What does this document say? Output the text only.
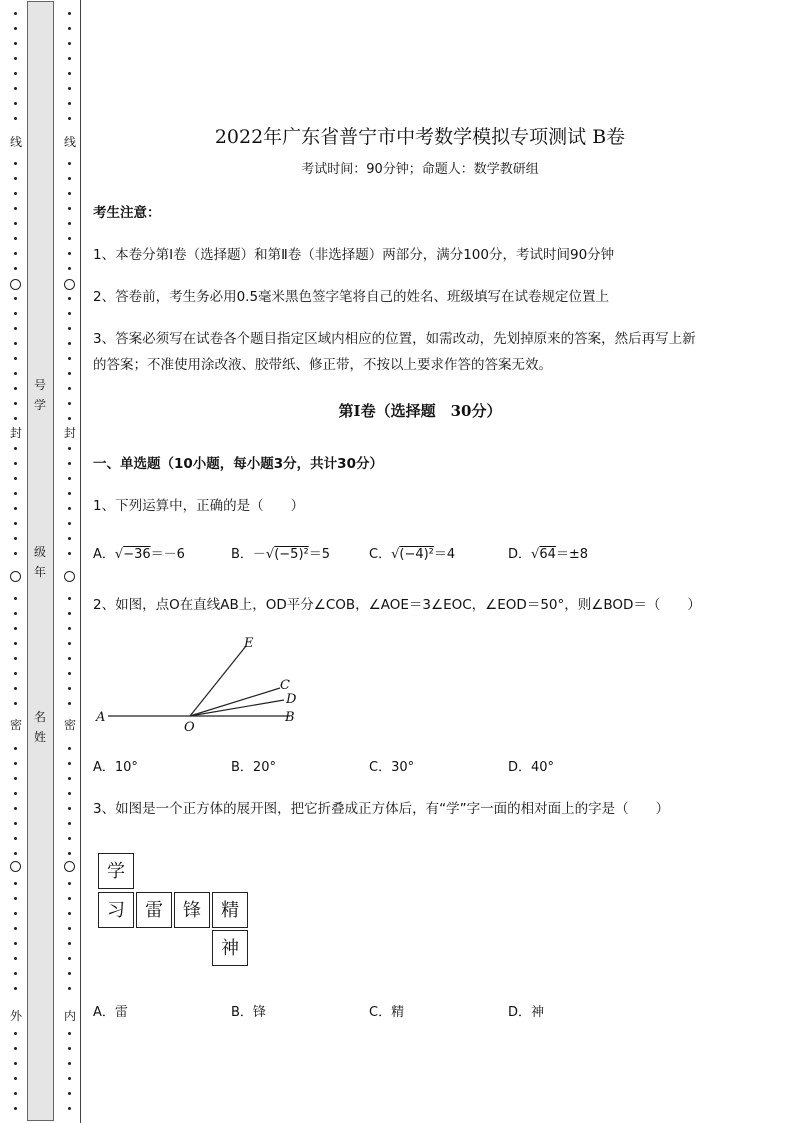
线
封
密
外
线
封
密
内
号
学
级
年
名
姓
2022年广东省普宁市中考数学模拟专项测试 B卷
考试时间：90分钟；命题人：数学教研组
考生注意：
1、本卷分第I卷（选择题）和第Ⅱ卷（非选择题）两部分，满分100分，考试时间90分钟
2、答卷前，考生务必用0.5毫米黑色签字笔将自己的姓名、班级填写在试卷规定位置上
3、答案必须写在试卷各个题目指定区域内相应的位置，如需改动，先划掉原来的答案，然后再写上新
的答案；不准使用涂改液、胶带纸、修正带，不按以上要求作答的答案无效。
第I卷（选择题　30分）
一、单选题（10小题，每小题3分，共计30分）
1、下列运算中，正确的是（　　）
A．√−36＝－6	B．－√(−5)²＝5	C．√(−4)²＝4	D．√64＝±8
2、如图，点O在直线AB上，OD平分∠COB，∠AOE＝3∠EOC，∠EOD＝50°，则∠BOD＝（　　）
A
O
B
C
D
E
A．10°	B．20°	C．30°	D．40°
3、如图是一个正方体的展开图，把它折叠成正方体后，有“学”字一面的相对面上的字是（　　）
学
习	雷	锋	精
神
A．雷	B．锋	C．精	D．神
